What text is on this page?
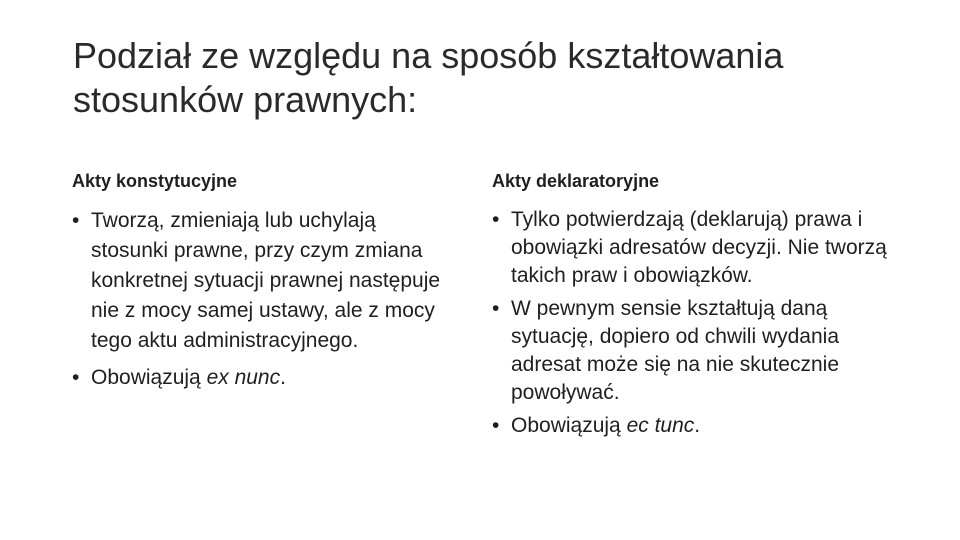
Podział ze względu na sposób kształtowania stosunków prawnych:
Akty konstytucyjne
• Tworzą, zmieniają lub uchylają stosunki prawne, przy czym zmiana konkretnej sytuacji prawnej następuje nie z mocy samej ustawy, ale z mocy tego aktu administracyjnego.
• Obowiązują ex nunc.
Akty deklaratoryjne
• Tylko potwierdzają (deklarują) prawa i obowiązki adresatów decyzji. Nie tworzą takich praw i obowiązków.
• W pewnym sensie kształtują daną sytuację, dopiero od chwili wydania adresat może się na nie skutecznie powoływać.
• Obowiązują ec tunc.
